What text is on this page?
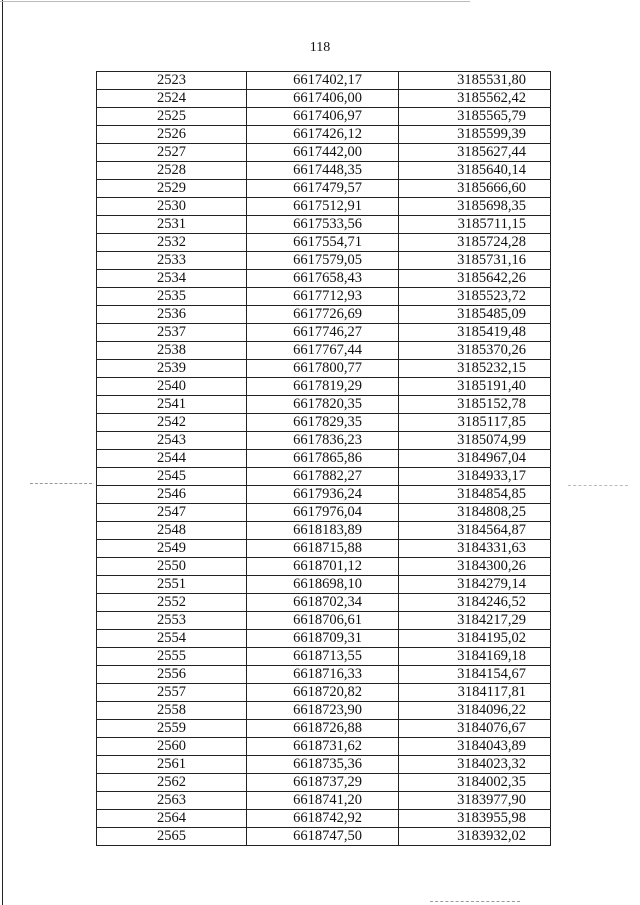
118
2523	6617402,17	3185531,80
2524	6617406,00	3185562,42
2525	6617406,97	3185565,79
2526	6617426,12	3185599,39
2527	6617442,00	3185627,44
2528	6617448,35	3185640,14
2529	6617479,57	3185666,60
2530	6617512,91	3185698,35
2531	6617533,56	3185711,15
2532	6617554,71	3185724,28
2533	6617579,05	3185731,16
2534	6617658,43	3185642,26
2535	6617712,93	3185523,72
2536	6617726,69	3185485,09
2537	6617746,27	3185419,48
2538	6617767,44	3185370,26
2539	6617800,77	3185232,15
2540	6617819,29	3185191,40
2541	6617820,35	3185152,78
2542	6617829,35	3185117,85
2543	6617836,23	3185074,99
2544	6617865,86	3184967,04
2545	6617882,27	3184933,17
2546	6617936,24	3184854,85
2547	6617976,04	3184808,25
2548	6618183,89	3184564,87
2549	6618715,88	3184331,63
2550	6618701,12	3184300,26
2551	6618698,10	3184279,14
2552	6618702,34	3184246,52
2553	6618706,61	3184217,29
2554	6618709,31	3184195,02
2555	6618713,55	3184169,18
2556	6618716,33	3184154,67
2557	6618720,82	3184117,81
2558	6618723,90	3184096,22
2559	6618726,88	3184076,67
2560	6618731,62	3184043,89
2561	6618735,36	3184023,32
2562	6618737,29	3184002,35
2563	6618741,20	3183977,90
2564	6618742,92	3183955,98
2565	6618747,50	3183932,02
